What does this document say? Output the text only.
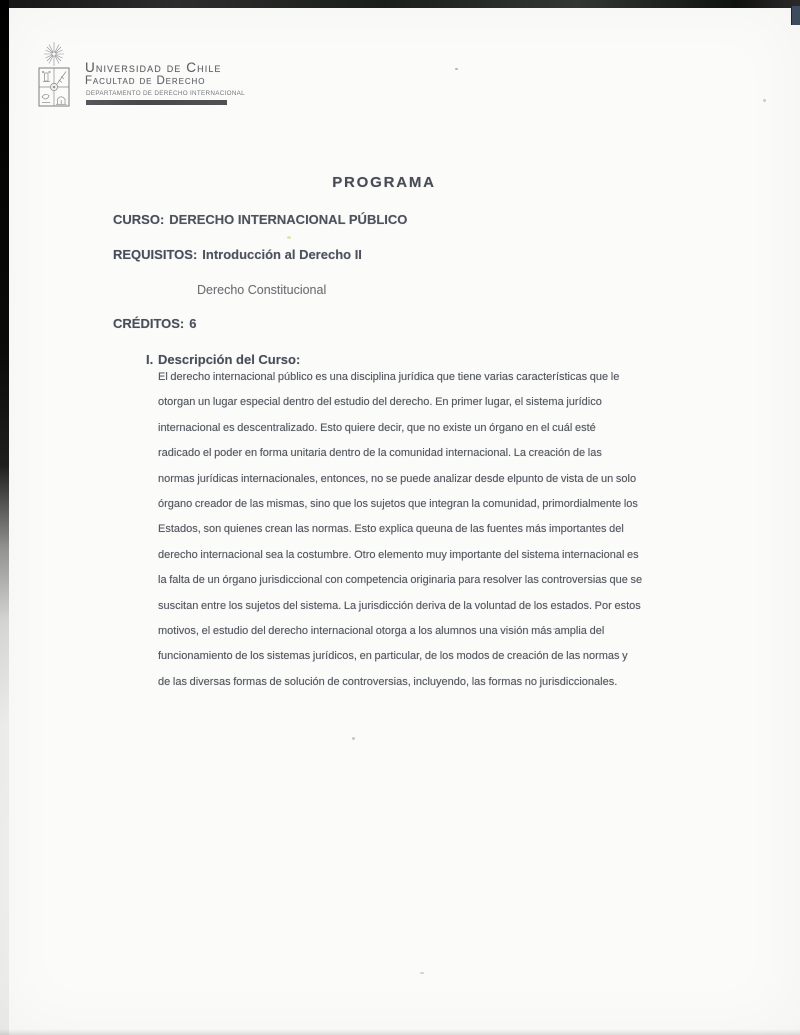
Universidad de Chile
Facultad de Derecho
DEPARTAMENTO DE DERECHO INTERNACIONAL
PROGRAMA
CURSO: DERECHO INTERNACIONAL PÚBLICO
REQUISITOS: Introducción al Derecho II
Derecho Constitucional
CRÉDITOS: 6
I. Descripción del Curso:
El derecho internacional público es una disciplina jurídica que tiene varias características que le
otorgan un lugar especial dentro del estudio del derecho. En primer lugar, el sistema jurídico
internacional es descentralizado. Esto quiere decir, que no existe un órgano en el cuál esté
radicado el poder en forma unitaria dentro de la comunidad internacional. La creación de las
normas jurídicas internacionales, entonces, no se puede analizar desde elpunto de vista de un solo
órgano creador de las mismas, sino que los sujetos que integran la comunidad, primordialmente los
Estados, son quienes crean las normas. Esto explica queuna de las fuentes más importantes del
derecho internacional sea la costumbre. Otro elemento muy importante del sistema internacional es
la falta de un órgano jurisdiccional con competencia originaria para resolver las controversias que se
suscitan entre los sujetos del sistema. La jurisdicción deriva de la voluntad de los estados. Por estos
motivos, el estudio del derecho internacional otorga a los alumnos una visión más amplia del
funcionamiento de los sistemas jurídicos, en particular, de los modos de creación de las normas y
de las diversas formas de solución de controversias, incluyendo, las formas no jurisdiccionales.
